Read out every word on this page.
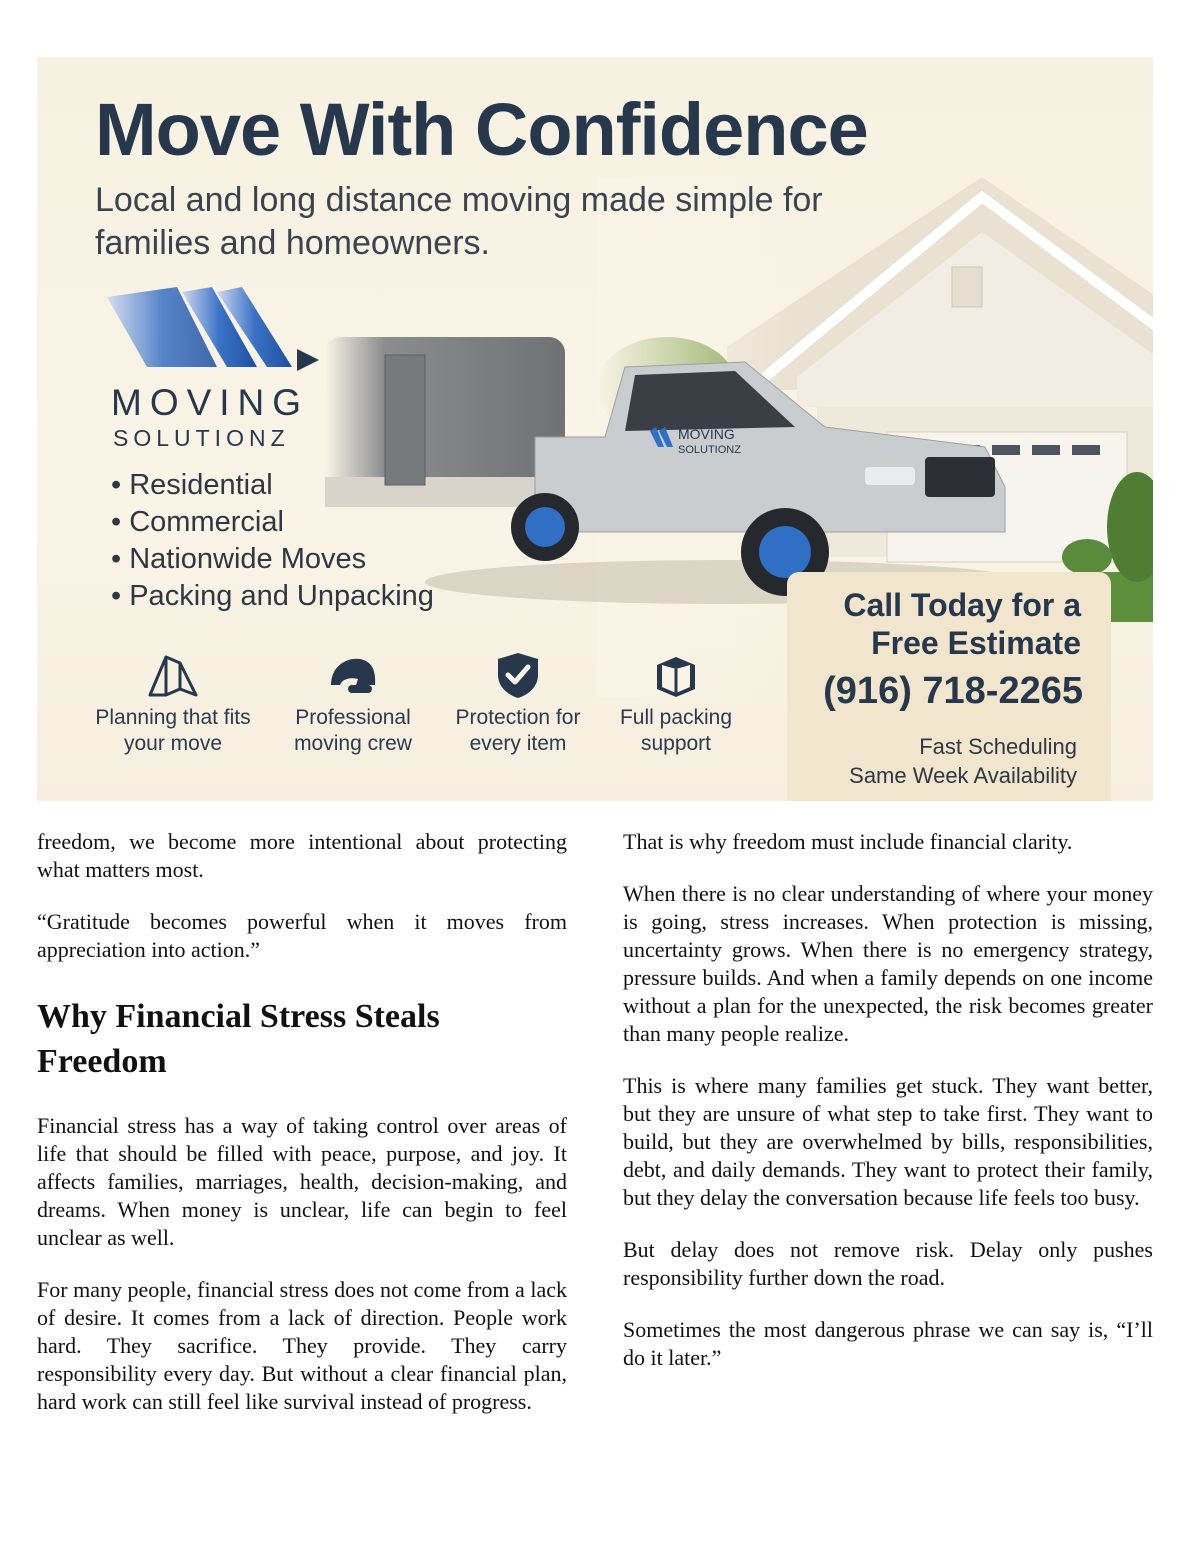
Move With Confidence
Local and long distance moving made simple for families and homeowners.
MOVING
SOLUTIONZ
• Residential
• Commercial
• Nationwide Moves
• Packing and Unpacking
MOVING
SOLUTIONZ
Planning that fits your move
Professional moving crew
Protection for every item
Full packing support
Call Today for a Free Estimate
(916) 718-2265
Fast Scheduling
Same Week Availability

freedom, we become more intentional about protecting what matters most.

“Gratitude becomes powerful when it moves from appreciation into action.”

Why Financial Stress Steals Freedom

Financial stress has a way of taking control over areas of life that should be filled with peace, purpose, and joy. It affects families, marriages, health, decision-making, and dreams. When money is unclear, life can begin to feel unclear as well.

For many people, financial stress does not come from a lack of desire. It comes from a lack of direction. People work hard. They sacrifice. They provide. They carry responsibility every day. But without a clear financial plan, hard work can still feel like survival instead of progress.

That is why freedom must include financial clarity.

When there is no clear understanding of where your money is going, stress increases. When protection is missing, uncertainty grows. When there is no emergency strategy, pressure builds. And when a family depends on one income without a plan for the unexpected, the risk becomes greater than many people realize.

This is where many families get stuck. They want better, but they are unsure of what step to take first. They want to build, but they are overwhelmed by bills, responsibilities, debt, and daily demands. They want to protect their family, but they delay the conversation because life feels too busy.

But delay does not remove risk. Delay only pushes responsibility further down the road.

Sometimes the most dangerous phrase we can say is, “I’ll do it later.”
